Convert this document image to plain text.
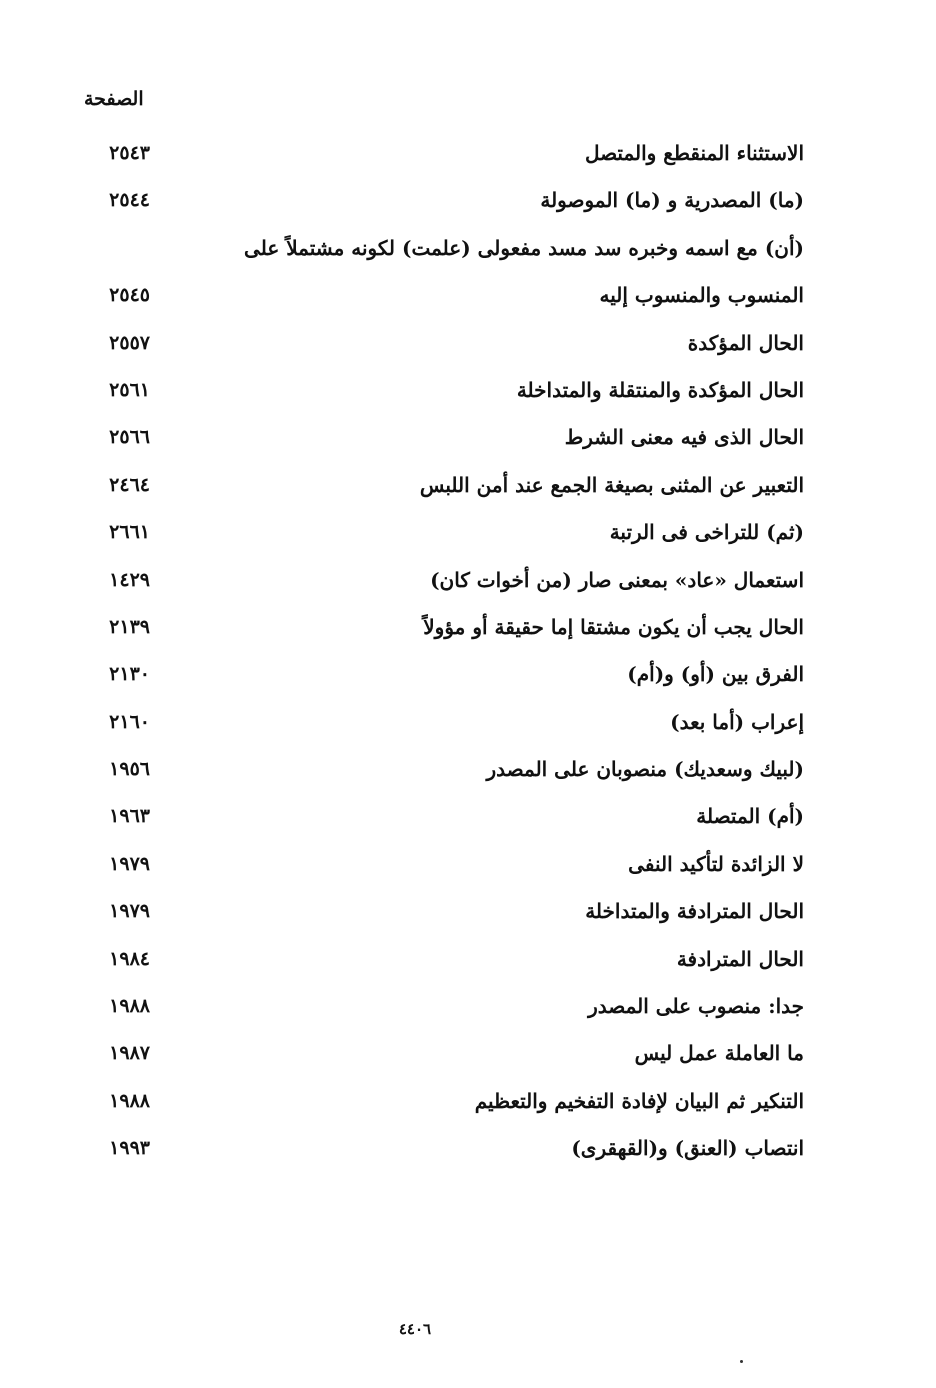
الصفحة
الاستثناء المنقطع والمتصل
٢٥٤٣
(ما) المصدرية و (ما) الموصولة
٢٥٤٤
(أن) مع اسمه وخبره سد مسد مفعولى (علمت) لكونه مشتملاً على
المنسوب والمنسوب إليه
٢٥٤٥
الحال المؤكدة
٢٥٥٧
الحال المؤكدة والمنتقلة والمتداخلة
٢٥٦١
الحال الذى فيه معنى الشرط
٢٥٦٦
التعبير عن المثنى بصيغة الجمع عند أمن اللبس
٢٤٦٤
(ثم) للتراخى فى الرتبة
٢٦٦١
استعمال «عاد» بمعنى صار (من أخوات كان)
١٤٢٩
الحال يجب أن يكون مشتقا إما حقيقة أو مؤولاً
٢١٣٩
الفرق بين (أو) و(أم)
٢١٣٠
إعراب (أما بعد)
٢١٦٠
(لبيك وسعديك) منصوبان على المصدر
١٩٥٦
(أم) المتصلة
١٩٦٣
لا الزائدة لتأكيد النفى
١٩٧٩
الحال المترادفة والمتداخلة
١٩٧٩
الحال المترادفة
١٩٨٤
جدا: منصوب على المصدر
١٩٨٨
ما العاملة عمل ليس
١٩٨٧
التنكير ثم البيان لإفادة التفخيم والتعظيم
١٩٨٨
انتصاب (العنق) و(القهقرى)
١٩٩٣
٤٤٠٦
